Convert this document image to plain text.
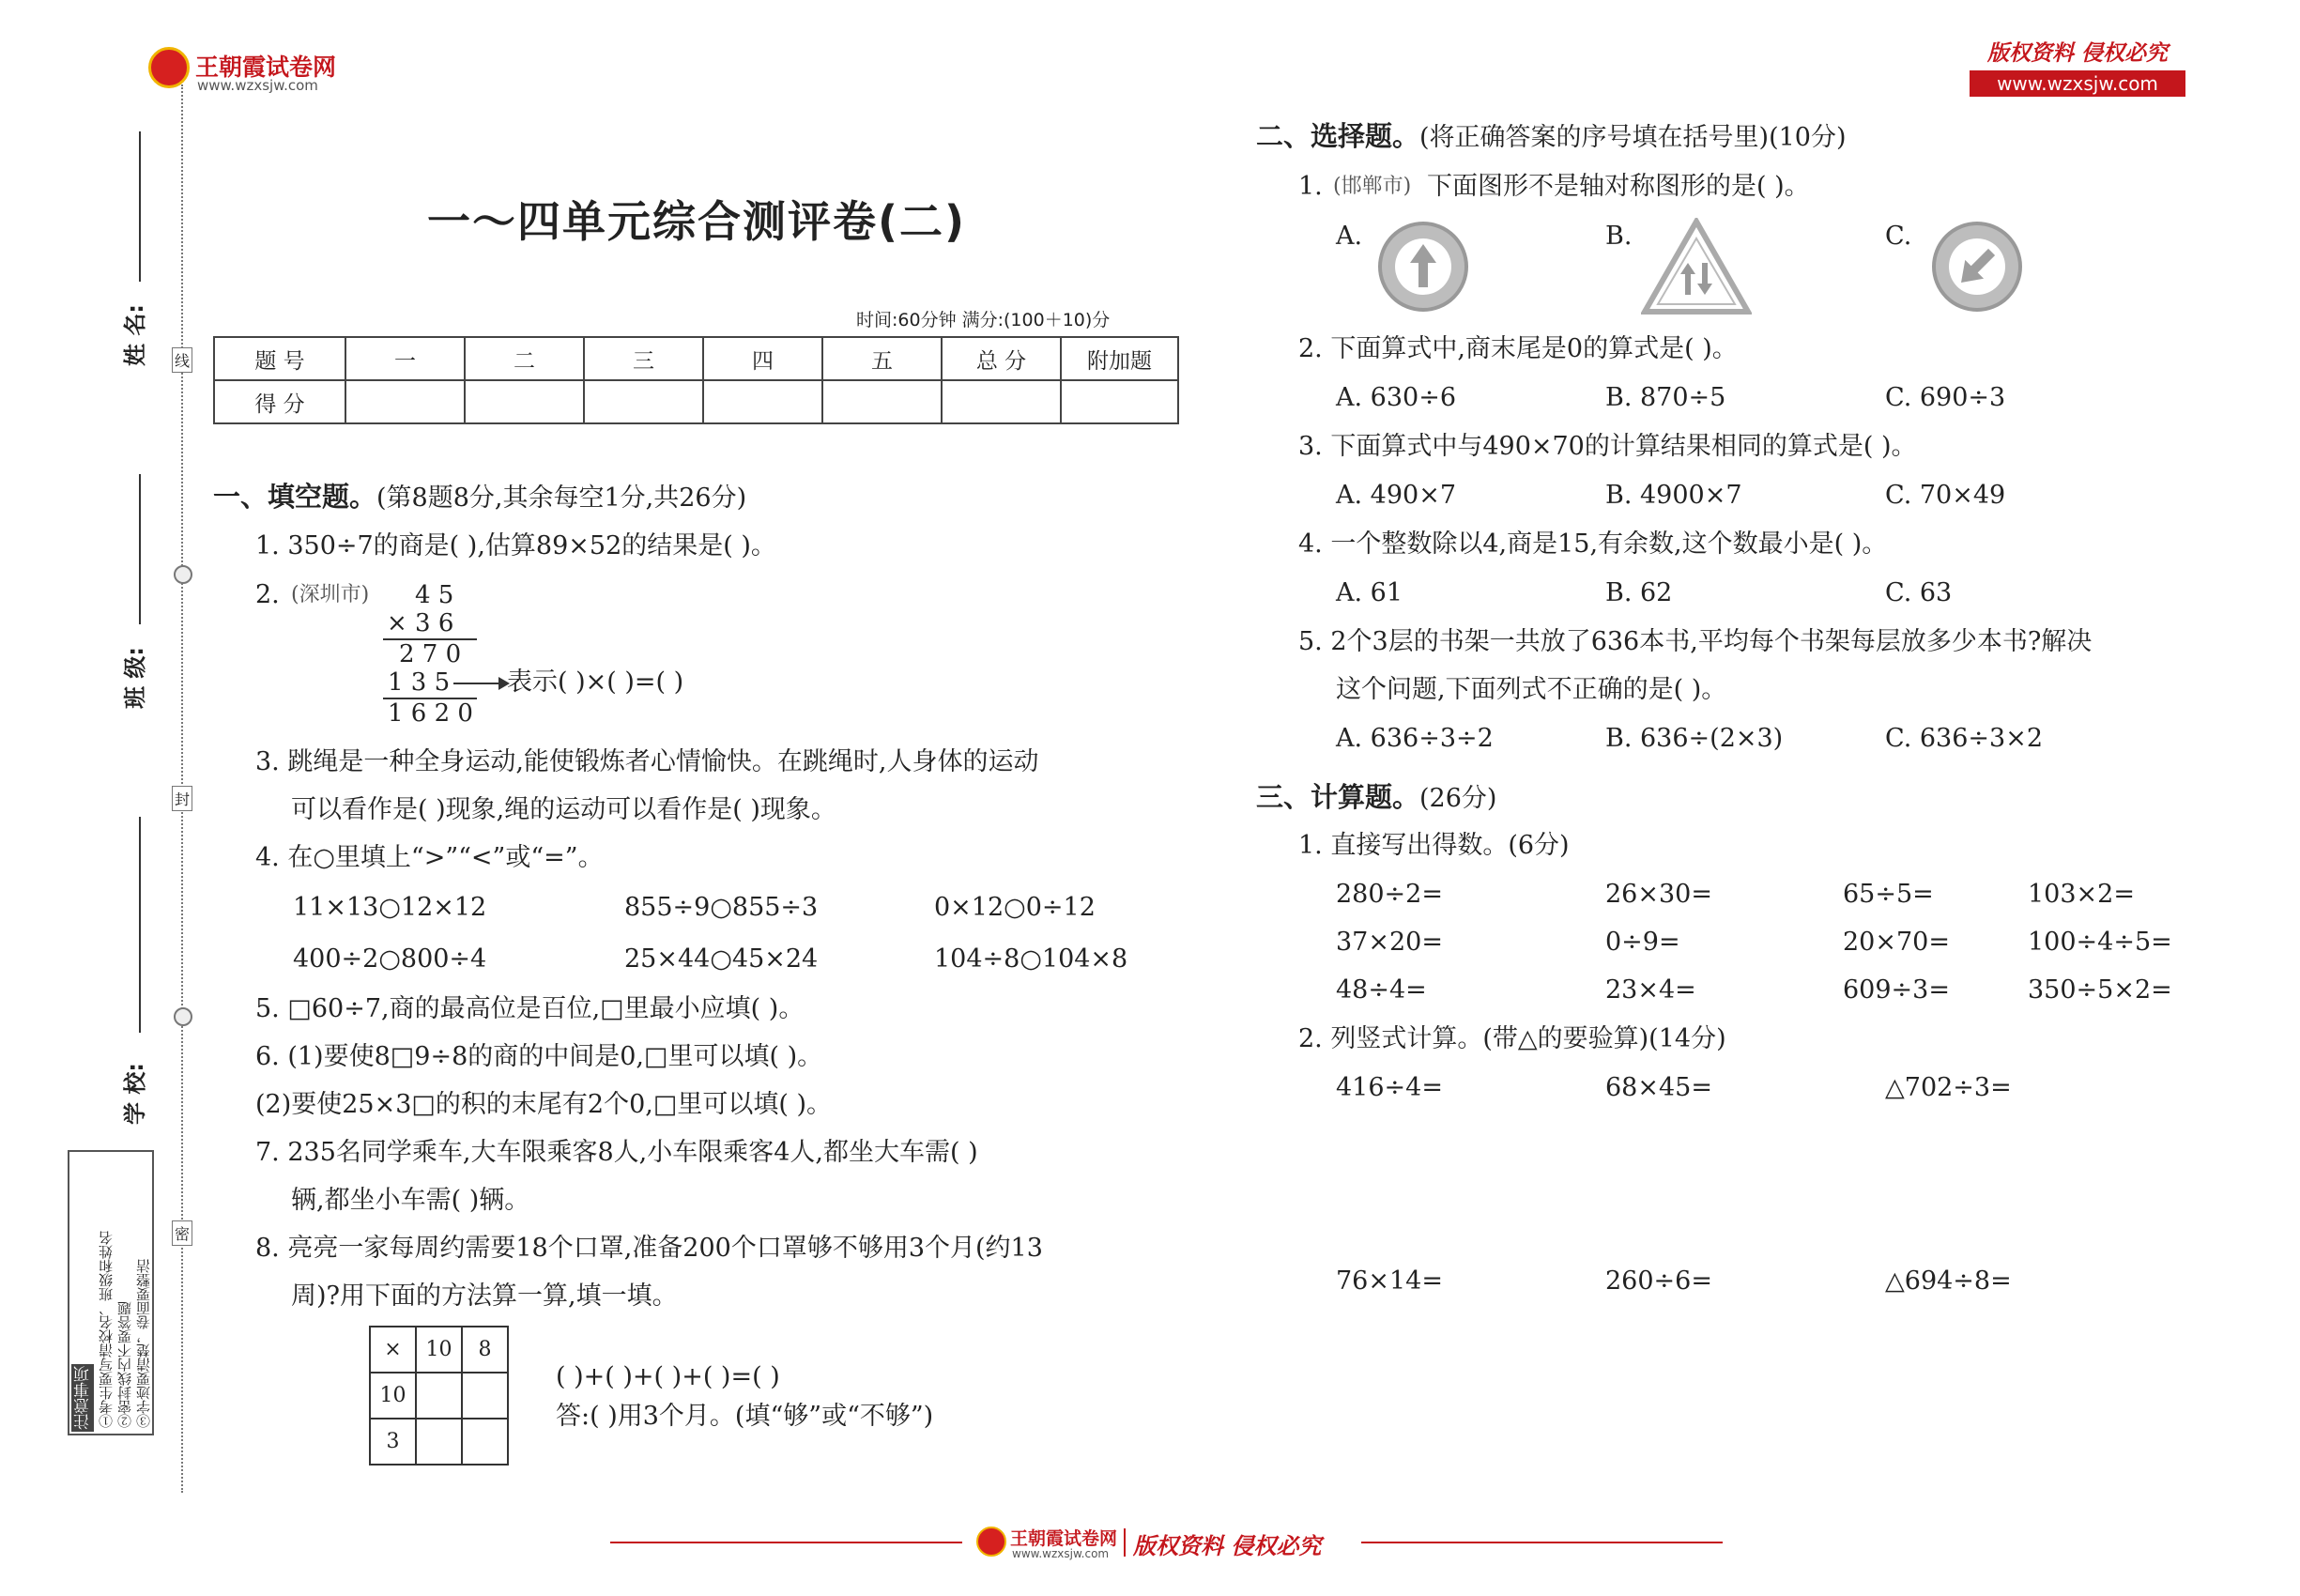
王朝霞试卷网
www.wzxsjw.com
版权资料 侵权必究
www.wzxsjw.com
线
封
密
姓 名:
班 级:
学 校:
注意事项 ①考生要写清校名、班级和姓名 ②密封线内不要答题 ③字迹要清楚，卷面要整洁
一～四单元综合测评卷(二)
时间:60分钟 满分:(100＋10)分
题 号	一	二	三	四	五	总 分	附加题
得 分							
一、填空题。(第8题8分,其余每空1分,共26分)
1. 350÷7的商是( ),估算89×52的结果是( )。
2. (深圳市) 4 5
× 3 6
2 7 0
1 3 5 表示( )×( )=( )
1 6 2 0
3. 跳绳是一种全身运动,能使锻炼者心情愉快。在跳绳时,人身体的运动
可以看作是( )现象,绳的运动可以看作是( )现象。
4. 在○里填上“>”“<”或“=”。
11×13○12×12	855÷9○855÷3	0×12○0÷12
400÷2○800÷4	25×44○45×24	104÷8○104×8
5. □60÷7,商的最高位是百位,□里最小应填( )。
6. (1)要使8□9÷8的商的中间是0,□里可以填( )。
(2)要使25×3□的积的末尾有2个0,□里可以填( )。
7. 235名同学乘车,大车限乘客8人,小车限乘客4人,都坐大车需( )
辆,都坐小车需( )辆。
8. 亮亮一家每周约需要18个口罩,准备200个口罩够不够用3个月(约13
周)?用下面的方法算一算,填一填。
×	10	8
10		
3		
( )+( )+( )+( )=( )
答:( )用3个月。(填“够”或“不够”)
二、选择题。(将正确答案的序号填在括号里)(10分)
1. (邯郸市) 下面图形不是轴对称图形的是( )。
A.	B.	C.
2. 下面算式中,商末尾是0的算式是( )。
A. 630÷6	B. 870÷5	C. 690÷3
3. 下面算式中与490×70的计算结果相同的算式是( )。
A. 490×7	B. 4900×7	C. 70×49
4. 一个整数除以4,商是15,有余数,这个数最小是( )。
A. 61	B. 62	C. 63
5. 2个3层的书架一共放了636本书,平均每个书架每层放多少本书?解决
这个问题,下面列式不正确的是( )。
A. 636÷3÷2	B. 636÷(2×3)	C. 636÷3×2
三、计算题。(26分)
1. 直接写出得数。(6分)
280÷2=	26×30=	65÷5=	103×2=
37×20=	0÷9=	20×70=	100÷4÷5=
48÷4=	23×4=	609÷3=	350÷5×2=
2. 列竖式计算。(带△的要验算)(14分)
416÷4=	68×45=	△702÷3=
76×14=	260÷6=	△694÷8=
王朝霞试卷网
www.wzxsjw.com 版权资料 侵权必究
